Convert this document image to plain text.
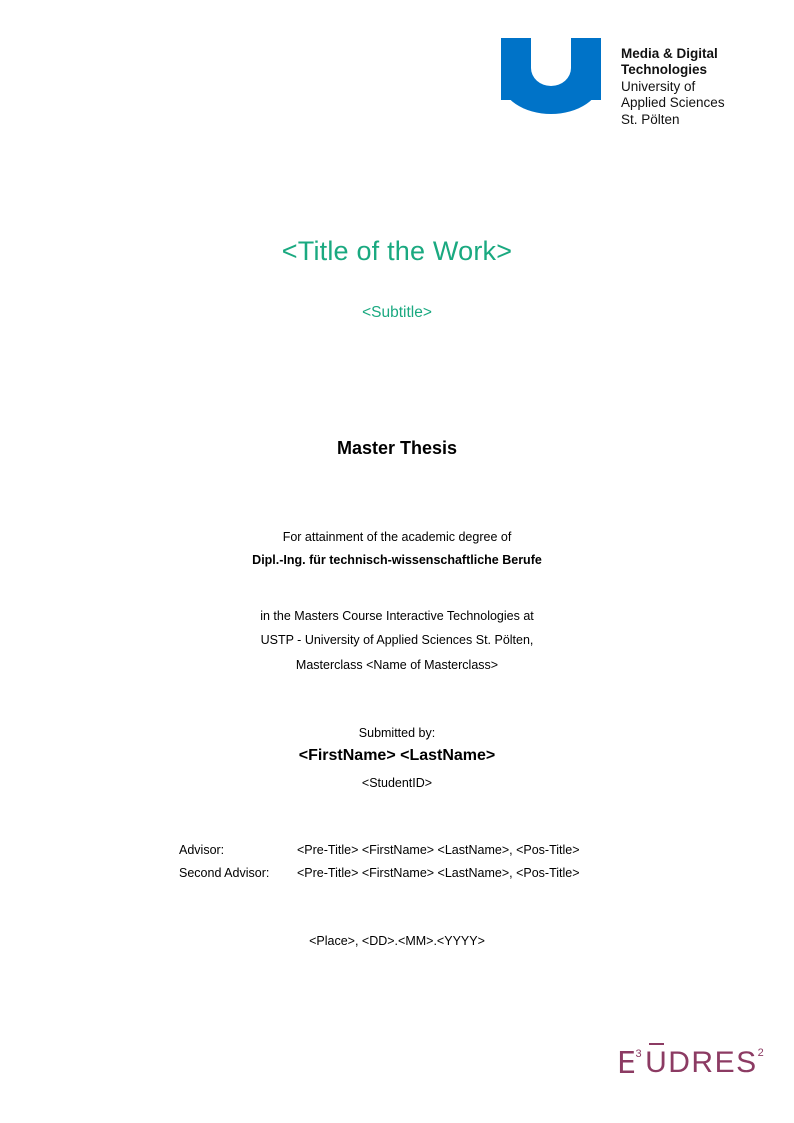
Media & Digital
Technologies
University of
Applied Sciences
St. Pölten
<Title of the Work>
<Subtitle>
Master Thesis
For attainment of the academic degree of
Dipl.-Ing. für technisch-wissenschaftliche Berufe
in the Masters Course Interactive Technologies at
USTP - University of Applied Sciences St. Pölten,
Masterclass <Name of Masterclass>
Submitted by:
<FirstName> <LastName>
<StudentID>
Advisor:	<Pre-Title> <FirstName> <LastName>, <Pos-Title>
Second Advisor:	<Pre-Title> <FirstName> <LastName>, <Pos-Title>
<Place>, <DD>.<MM>.<YYYY>
E
3 U DRES 2
